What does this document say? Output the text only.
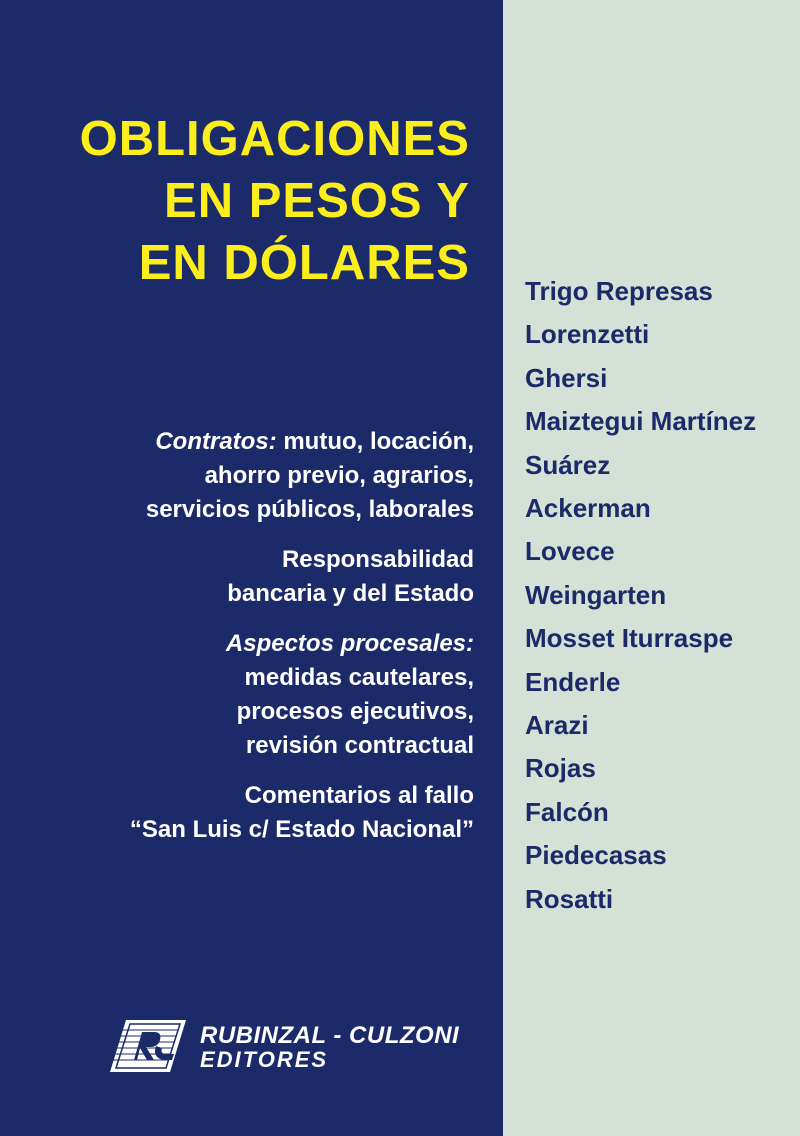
OBLIGACIONES
EN PESOS Y
EN DÓLARES

Contratos: mutuo, locación,
ahorro previo, agrarios,
servicios públicos, laborales

Responsabilidad
bancaria y del Estado

Aspectos procesales:
medidas cautelares,
procesos ejecutivos,
revisión contractual

Comentarios al fallo
“San Luis c/ Estado Nacional”

Trigo Represas
Lorenzetti
Ghersi
Maiztegui Martínez
Suárez
Ackerman
Lovece
Weingarten
Mosset Iturraspe
Enderle
Arazi
Rojas
Falcón
Piedecasas
Rosatti
RUBINZAL - CULZONI
EDITORES
